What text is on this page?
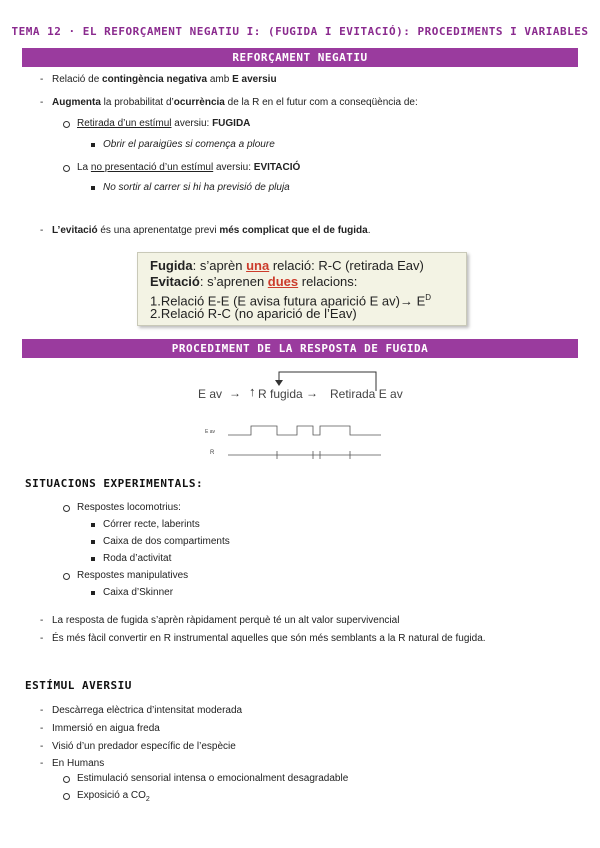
TEMA 12 · EL REFORÇAMENT NEGATIU I: (FUGIDA I EVITACIÓ): PROCEDIMENTS I VARIABLES
REFORÇAMENT NEGATIU
- Relació de contingència negativa amb E aversiu
- Augmenta la probabilitat d’ocurrència de la R en el futur com a conseqüència de:
Retirada d’un estímul aversiu: FUGIDA
Obrir el paraigües si comença a ploure
La no presentació d’un estímul aversiu: EVITACIÓ
No sortir al carrer si hi ha previsió de pluja
- L’evitació és una aprenentatge previ més complicat que el de fugida.
Fugida: s’aprèn una relació: R-C (retirada Eav)
Evitació: s’aprenen dues relacions:
1.Relació E-E (E avisa futura aparició E $av)\to E^D$
2.Relació R-C (no aparició de l’Eav)
PROCEDIMENT DE LA RESPOSTA DE FUGIDA
E av → ↑ R fugida → Retirada E av
E av
R
SITUACIONS EXPERIMENTALS:
Respostes locomotrius:
Córrer recte, laberints
Caixa de dos compartiments
Roda d’activitat
Respostes manipulatives
Caixa d’Skinner
- La resposta de fugida s’aprèn ràpidament perquè té un alt valor supervivencial
- És més fàcil convertir en R instrumental aquelles que són més semblants a la R natural de fugida.
ESTÍMUL AVERSIU
- Descàrrega elèctrica d’intensitat moderada
- Immersió en aigua freda
- Visió d’un predador específic de l’espècie
- En Humans
Estimulació sensorial intensa o emocionalment desagradable
Exposició a $CO_2$
